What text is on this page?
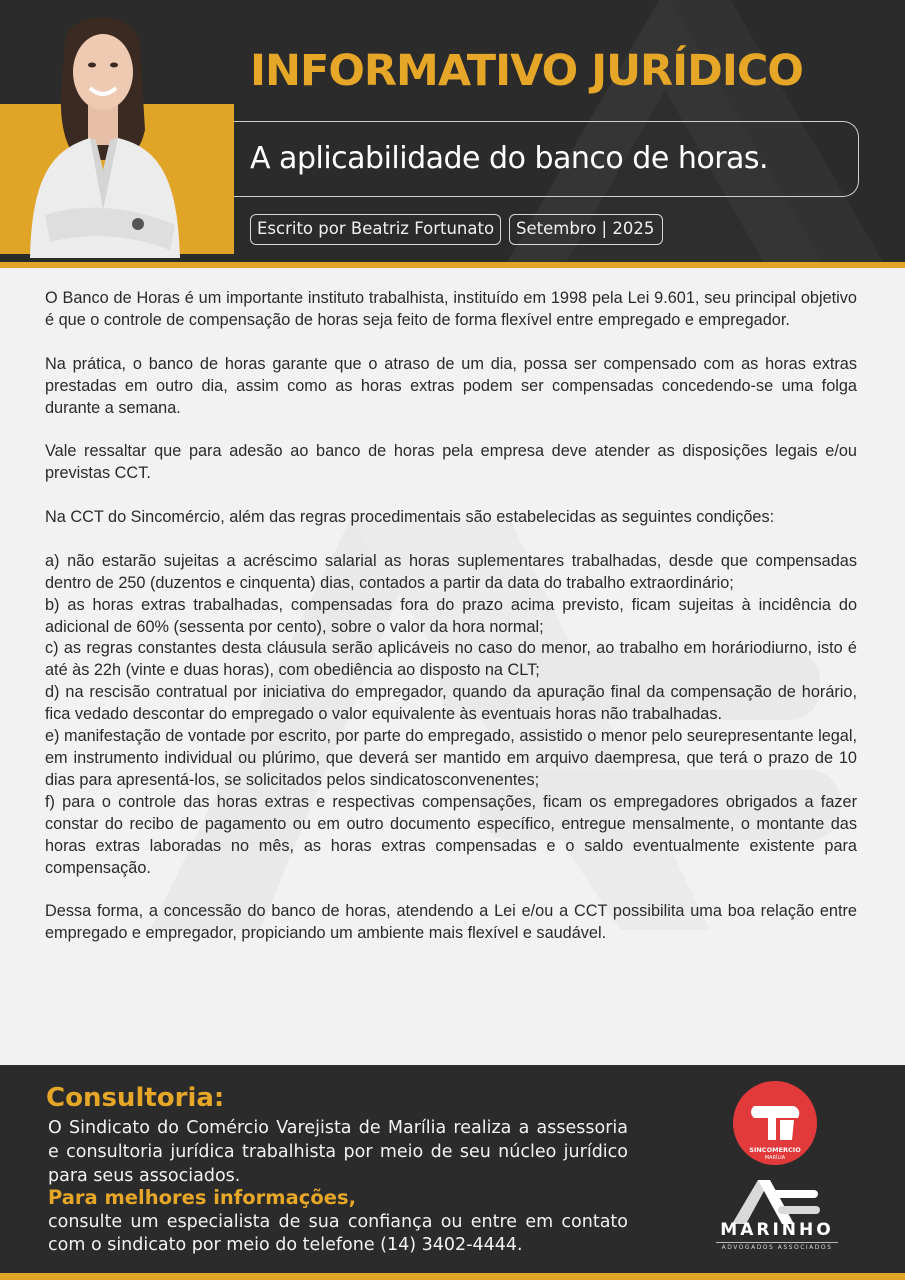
INFORMATIVO JURÍDICO
A aplicabilidade do banco de horas.
Escrito por Beatriz Fortunato	Setembro | 2025

O Banco de Horas é um importante instituto trabalhista, instituído em 1998 pela Lei 9.601, seu principal objetivo é que o controle de compensação de horas seja feito de forma flexível entre empregado e empregador.

Na prática, o banco de horas garante que o atraso de um dia, possa ser compensado com as horas extras prestadas em outro dia, assim como as horas extras podem ser compensadas concedendo-se uma folga durante a semana.

Vale ressaltar que para adesão ao banco de horas pela empresa deve atender as disposições legais e/ou previstas CCT.

Na CCT do Sincomércio, além das regras procedimentais são estabelecidas as seguintes condições:

a) não estarão sujeitas a acréscimo salarial as horas suplementares trabalhadas, desde que compensadas dentro de 250 (duzentos e cinquenta) dias, contados a partir da data do trabalho extraordinário;

b) as horas extras trabalhadas, compensadas fora do prazo acima previsto, ficam sujeitas à incidência do adicional de 60% (sessenta por cento), sobre o valor da hora normal;

c) as regras constantes desta cláusula serão aplicáveis no caso do menor, ao trabalho em horáriodiurno, isto é até às 22h (vinte e duas horas), com obediência ao disposto na CLT;

d) na rescisão contratual por iniciativa do empregador, quando da apuração final da compensação de horário, fica vedado descontar do empregado o valor equivalente às eventuais horas não trabalhadas.

e) manifestação de vontade por escrito, por parte do empregado, assistido o menor pelo seurepresentante legal, em instrumento individual ou plúrimo, que deverá ser mantido em arquivo daempresa, que terá o prazo de 10 dias para apresentá-los, se solicitados pelos sindicatosconvenentes;

f) para o controle das horas extras e respectivas compensações, ficam os empregadores obrigados a fazer constar do recibo de pagamento ou em outro documento específico, entregue mensalmente, o montante das horas extras laboradas no mês, as horas extras compensadas e o saldo eventualmente existente para compensação.

Dessa forma, a concessão do banco de horas, atendendo a Lei e/ou a CCT possibilita uma boa relação entre empregado e empregador, propiciando um ambiente mais flexível e saudável.

Consultoria:
O Sindicato do Comércio Varejista de Marília realiza a assessoria e consultoria jurídica trabalhista por meio de seu núcleo jurídico para seus associados.
Para melhores informações,
consulte um especialista de sua confiança ou entre em contato com o sindicato por meio do telefone (14) 3402-4444.
SINCOMERCIO
MARÍLIA
MARINHO
ADVOGADOS ASSOCIADOS
